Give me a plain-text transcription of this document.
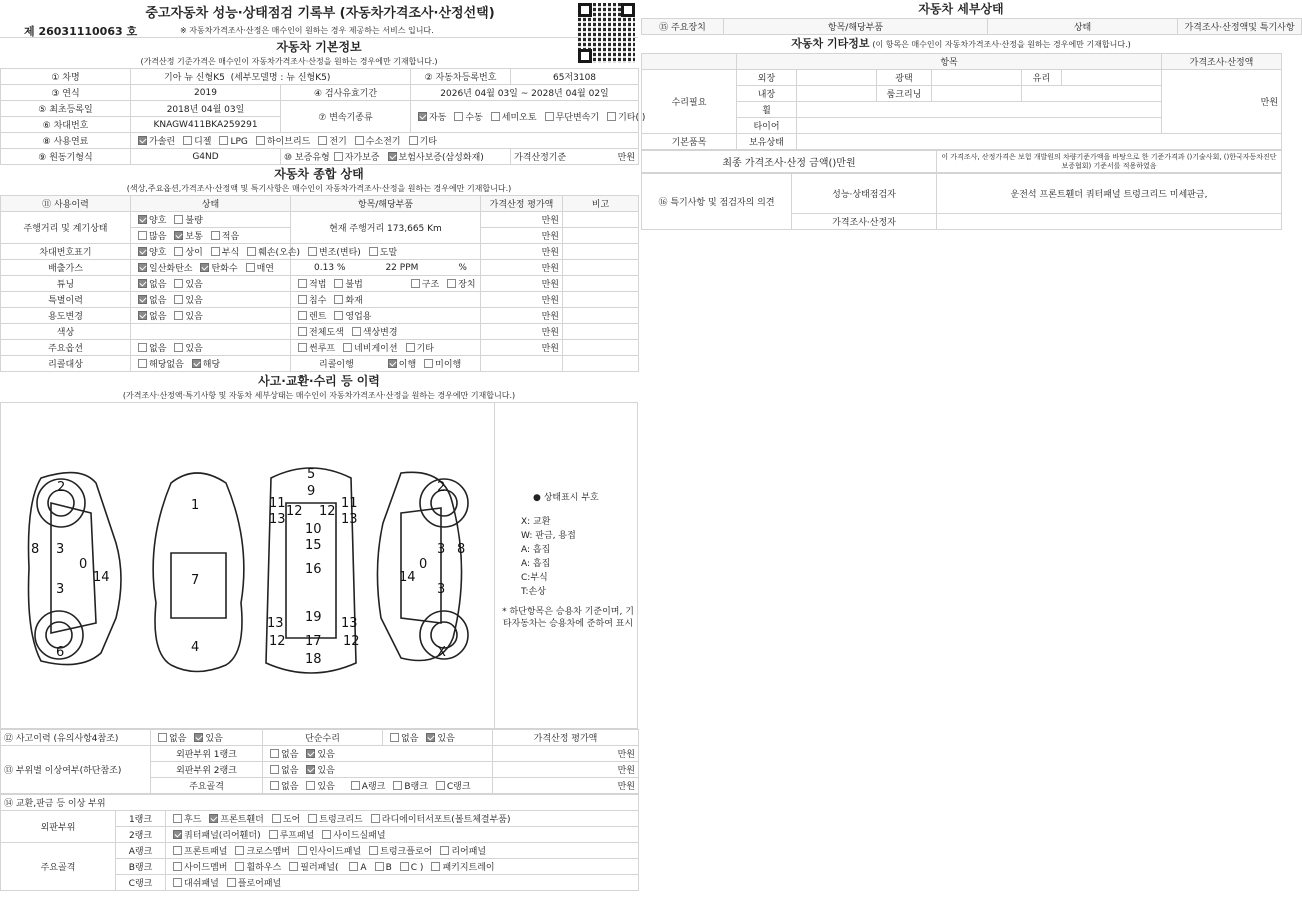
중고자동차 성능·상태점검 기록부 (자동차가격조사·산정선택)
제 26031110063 호	※ 자동차가격조사·산정은 매수인이 원하는 경우 제공하는 서비스 입니다.
자동차 기본정보
(가격산정 기준가격은 매수인이 자동차가격조사·산정을 원하는 경우에만 기재합니다.)
① 차명	기아 뉴 신형K5 (세부모델명 : 뉴 신형K5)		② 자동차등록번호	65저3108
③ 연식	2019	④ 검사유효기간	2026년 04월 03일 ~ 2028년 04월 02일	
⑤ 최초등록일	2018년 04월 03일	⑦ 변속기종류	자동 수동 세미오토 무단변속기 기타( )	
⑥ 차대번호	KNAGW411BKA259291			
⑧ 사용연료	가솔린 디젤 LPG 하이브리드 전기 수소전기 기타			
⑨ 원동기형식	G4ND	⑩ 보증유형 자가보증 보험사보증(삼성화재)		가격산정기준 만원
자동차 종합 상태
(색상,주요옵션,가격조사·산정액 및 특기사항은 매수인이 자동차가격조사·산정을 원하는 경우에만 기재합니다.)
⑪ 사용이력	상태	항목/해당부품	가격산정 평가액	비고
주행거리 및 계기상태	양호 불량	현재 주행거리 173,665 Km	만원	
	많음 보통 적음		만원	
차대번호표기	양호 상이 부식 훼손(오손) 변조(변타) 도말		만원	
배출가스	일산화탄소 탄화수 매연	0.13 % 22 PPM %	만원	
튜닝	없음 있음	적법 불법 구조 장치	만원	
특별이력	없음 있음	침수 화재	만원	
용도변경	없음 있음	렌트 영업용	만원	
색상		전체도색 색상변경	만원	
주요옵션	없음 있음	썬루프 네비게이션 기타	만원	
리콜대상	해당없음 해당	리콜이행 이행 미이행		
사고·교환·수리 등 이력
(가격조사·산정액·특기사항 및 자동차 세부상태는 매수인이 자동차가격조사·산정을 원하는 경우에만 기재합니다.)
2
3
3
8
14
0
6
1
7
4
5
9
11
13
12 12
11
13
10
15
16
19
13	13
12 17 12
18
2
3
3
8
14
0
X
● 상태표시 부호
X: 교환
W: 판금, 용접
A: 흡집
A: 흡집
C:부식
T:손상
* 하단항목은 승용차 기준이며, 기타자동차는 승용차에 준하여 표시
⑫ 사고이력 (유의사항4참조)	없음 있음	단순수리	없음 있음	가격산정 평가액
⑬ 부위별 이상여부(하단참조)	외판부위 1랭크	없음 있음		만원
	외판부위 2랭크	없음 있음		만원
	주요골격	없음 있음 A랭크 B랭크 C랭크		만원
⑭ 교환,판금 등 이상 부위		
외판부위	1랭크	후드 프론트휀더 도어 트렁크리드 라디에이터서포트(볼트체결부품)
	2랭크	쿼터패널(리어휀더) 루프패널 사이드실패널
주요골격	A랭크	프론트패널 크로스멤버 인사이드패널 트렁크플로어 리어패널
	B랭크	사이드멤버 휠하우스 필러패널( A B C ) 패키지트레이
	C랭크	대쉬패널 플로어패널
자동차 세부상태
⑮ 주요장치	항목/해당부품	상태	가격조사·산정액및 특기사항
자동차 기타정보 (이 항목은 매수인이 자동차가격조사·산정을 원하는 경우에만 기재합니다.)
	항목						가격조사·산정액
수리필요	외장		광택		유리		만원
	내장		룸크리닝				
	휠						
	타이어						
기본품목	보유상태						
최종 가격조사·산정 금액()만원	이 가격조사, 산정가격은 보험 개발원의 차량기준가액을 바탕으로 한 기준가격과 ()기술사회, ()한국자동차진단보증협회) 기준서를 적용하였음
⑯ 특기사항 및 점검자의 의견	성능·상태점검자	운전석 프론트휀더 쿼터패널 트렁크리드 미세판금,
	가격조사·산정자	
